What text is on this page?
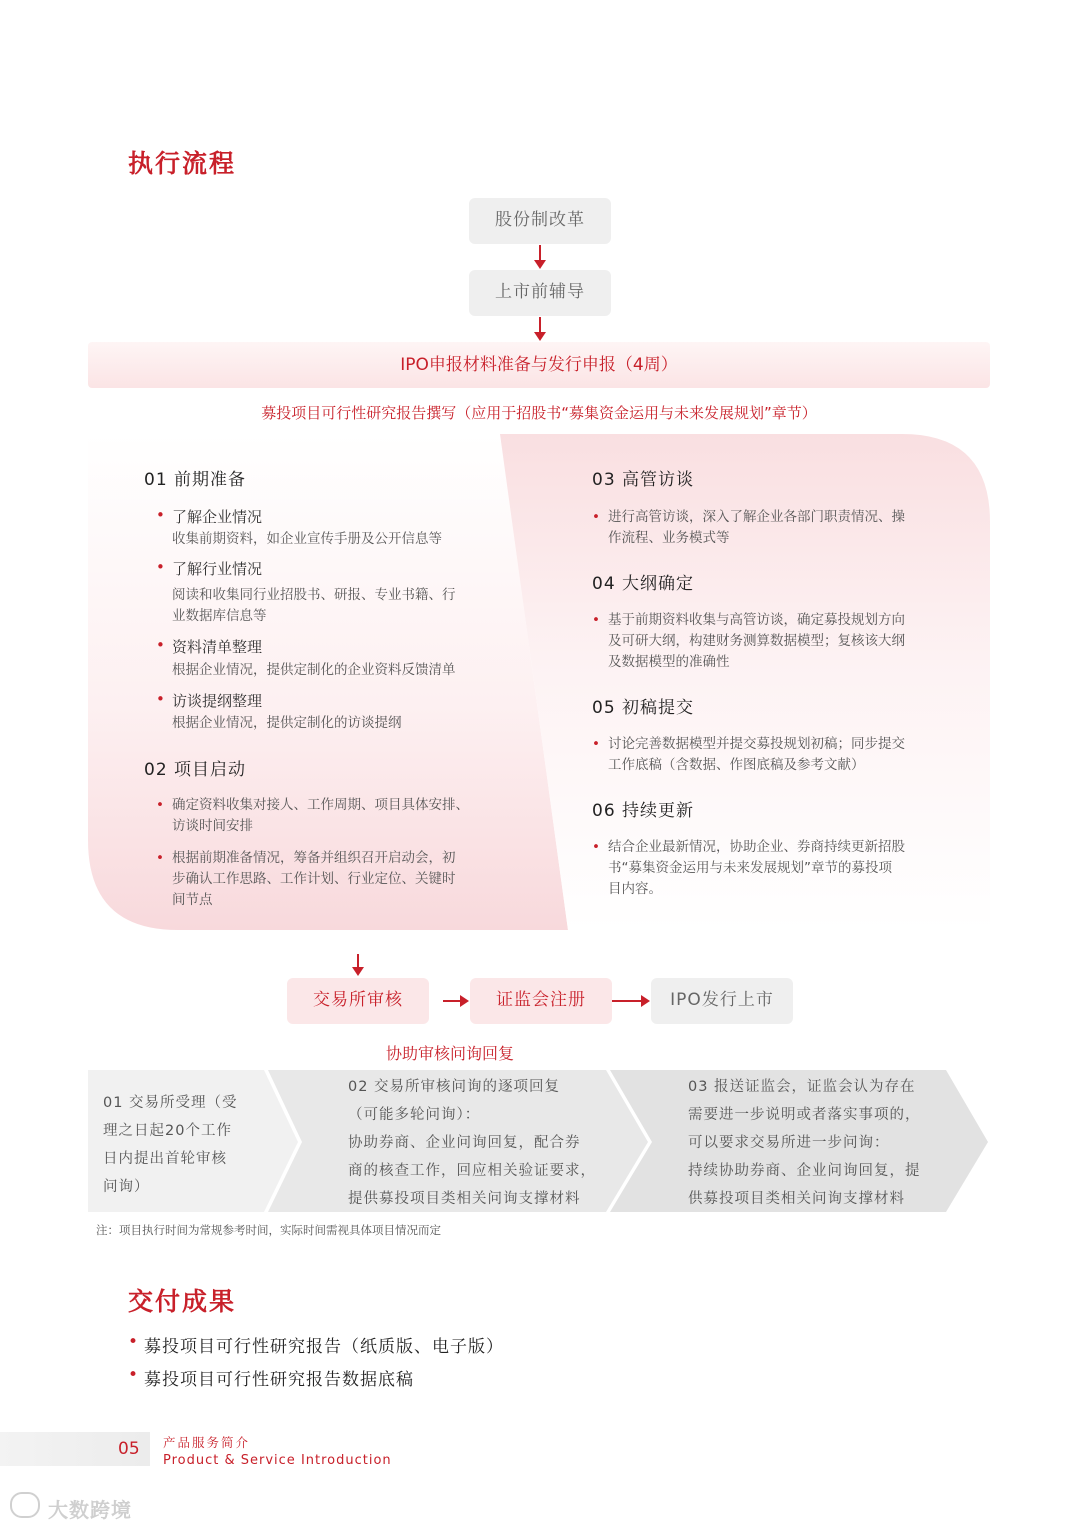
执行流程
股份制改革
上市前辅导
IPO申报材料准备与发行申报（4周）
募投项目可行性研究报告撰写（应用于招股书“募集资金运用与未来发展规划”章节）
01 前期准备
• 了解企业情况
收集前期资料，如企业宣传手册及公开信息等
• 了解行业情况
阅读和收集同行业招股书、研报、专业书籍、行
业数据库信息等
• 资料清单整理
根据企业情况，提供定制化的企业资料反馈清单
• 访谈提纲整理
根据企业情况，提供定制化的访谈提纲
02 项目启动
• 确定资料收集对接人、工作周期、项目具体安排、
访谈时间安排
• 根据前期准备情况，筹备并组织召开启动会，初
步确认工作思路、工作计划、行业定位、关键时
间节点
03 高管访谈
• 进行高管访谈，深入了解企业各部门职责情况、操
作流程、业务模式等
04 大纲确定
• 基于前期资料收集与高管访谈，确定募投规划方向
及可研大纲，构建财务测算数据模型；复核该大纲
及数据模型的准确性
05 初稿提交
• 讨论完善数据模型并提交募投规划初稿；同步提交
工作底稿（含数据、作图底稿及参考文献）
06 持续更新
• 结合企业最新情况，协助企业、券商持续更新招股
书“募集资金运用与未来发展规划”章节的募投项
目内容。
交易所审核	证监会注册	IPO发行上市
协助审核问询回复
01 交易所受理（受
理之日起20个工作
日内提出首轮审核
问询）
02 交易所审核问询的逐项回复
（可能多轮问询）：
协助券商、企业问询回复，配合券
商的核查工作，回应相关验证要求，
提供募投项目类相关问询支撑材料
03 报送证监会，证监会认为存在
需要进一步说明或者落实事项的，
可以要求交易所进一步问询：
持续协助券商、企业问询回复，提
供募投项目类相关问询支撑材料
注：项目执行时间为常规参考时间，实际时间需视具体项目情况而定
交付成果
• 募投项目可行性研究报告（纸质版、电子版）
• 募投项目可行性研究报告数据底稿
05 产品服务简介
Product & Service Introduction
大数跨境
